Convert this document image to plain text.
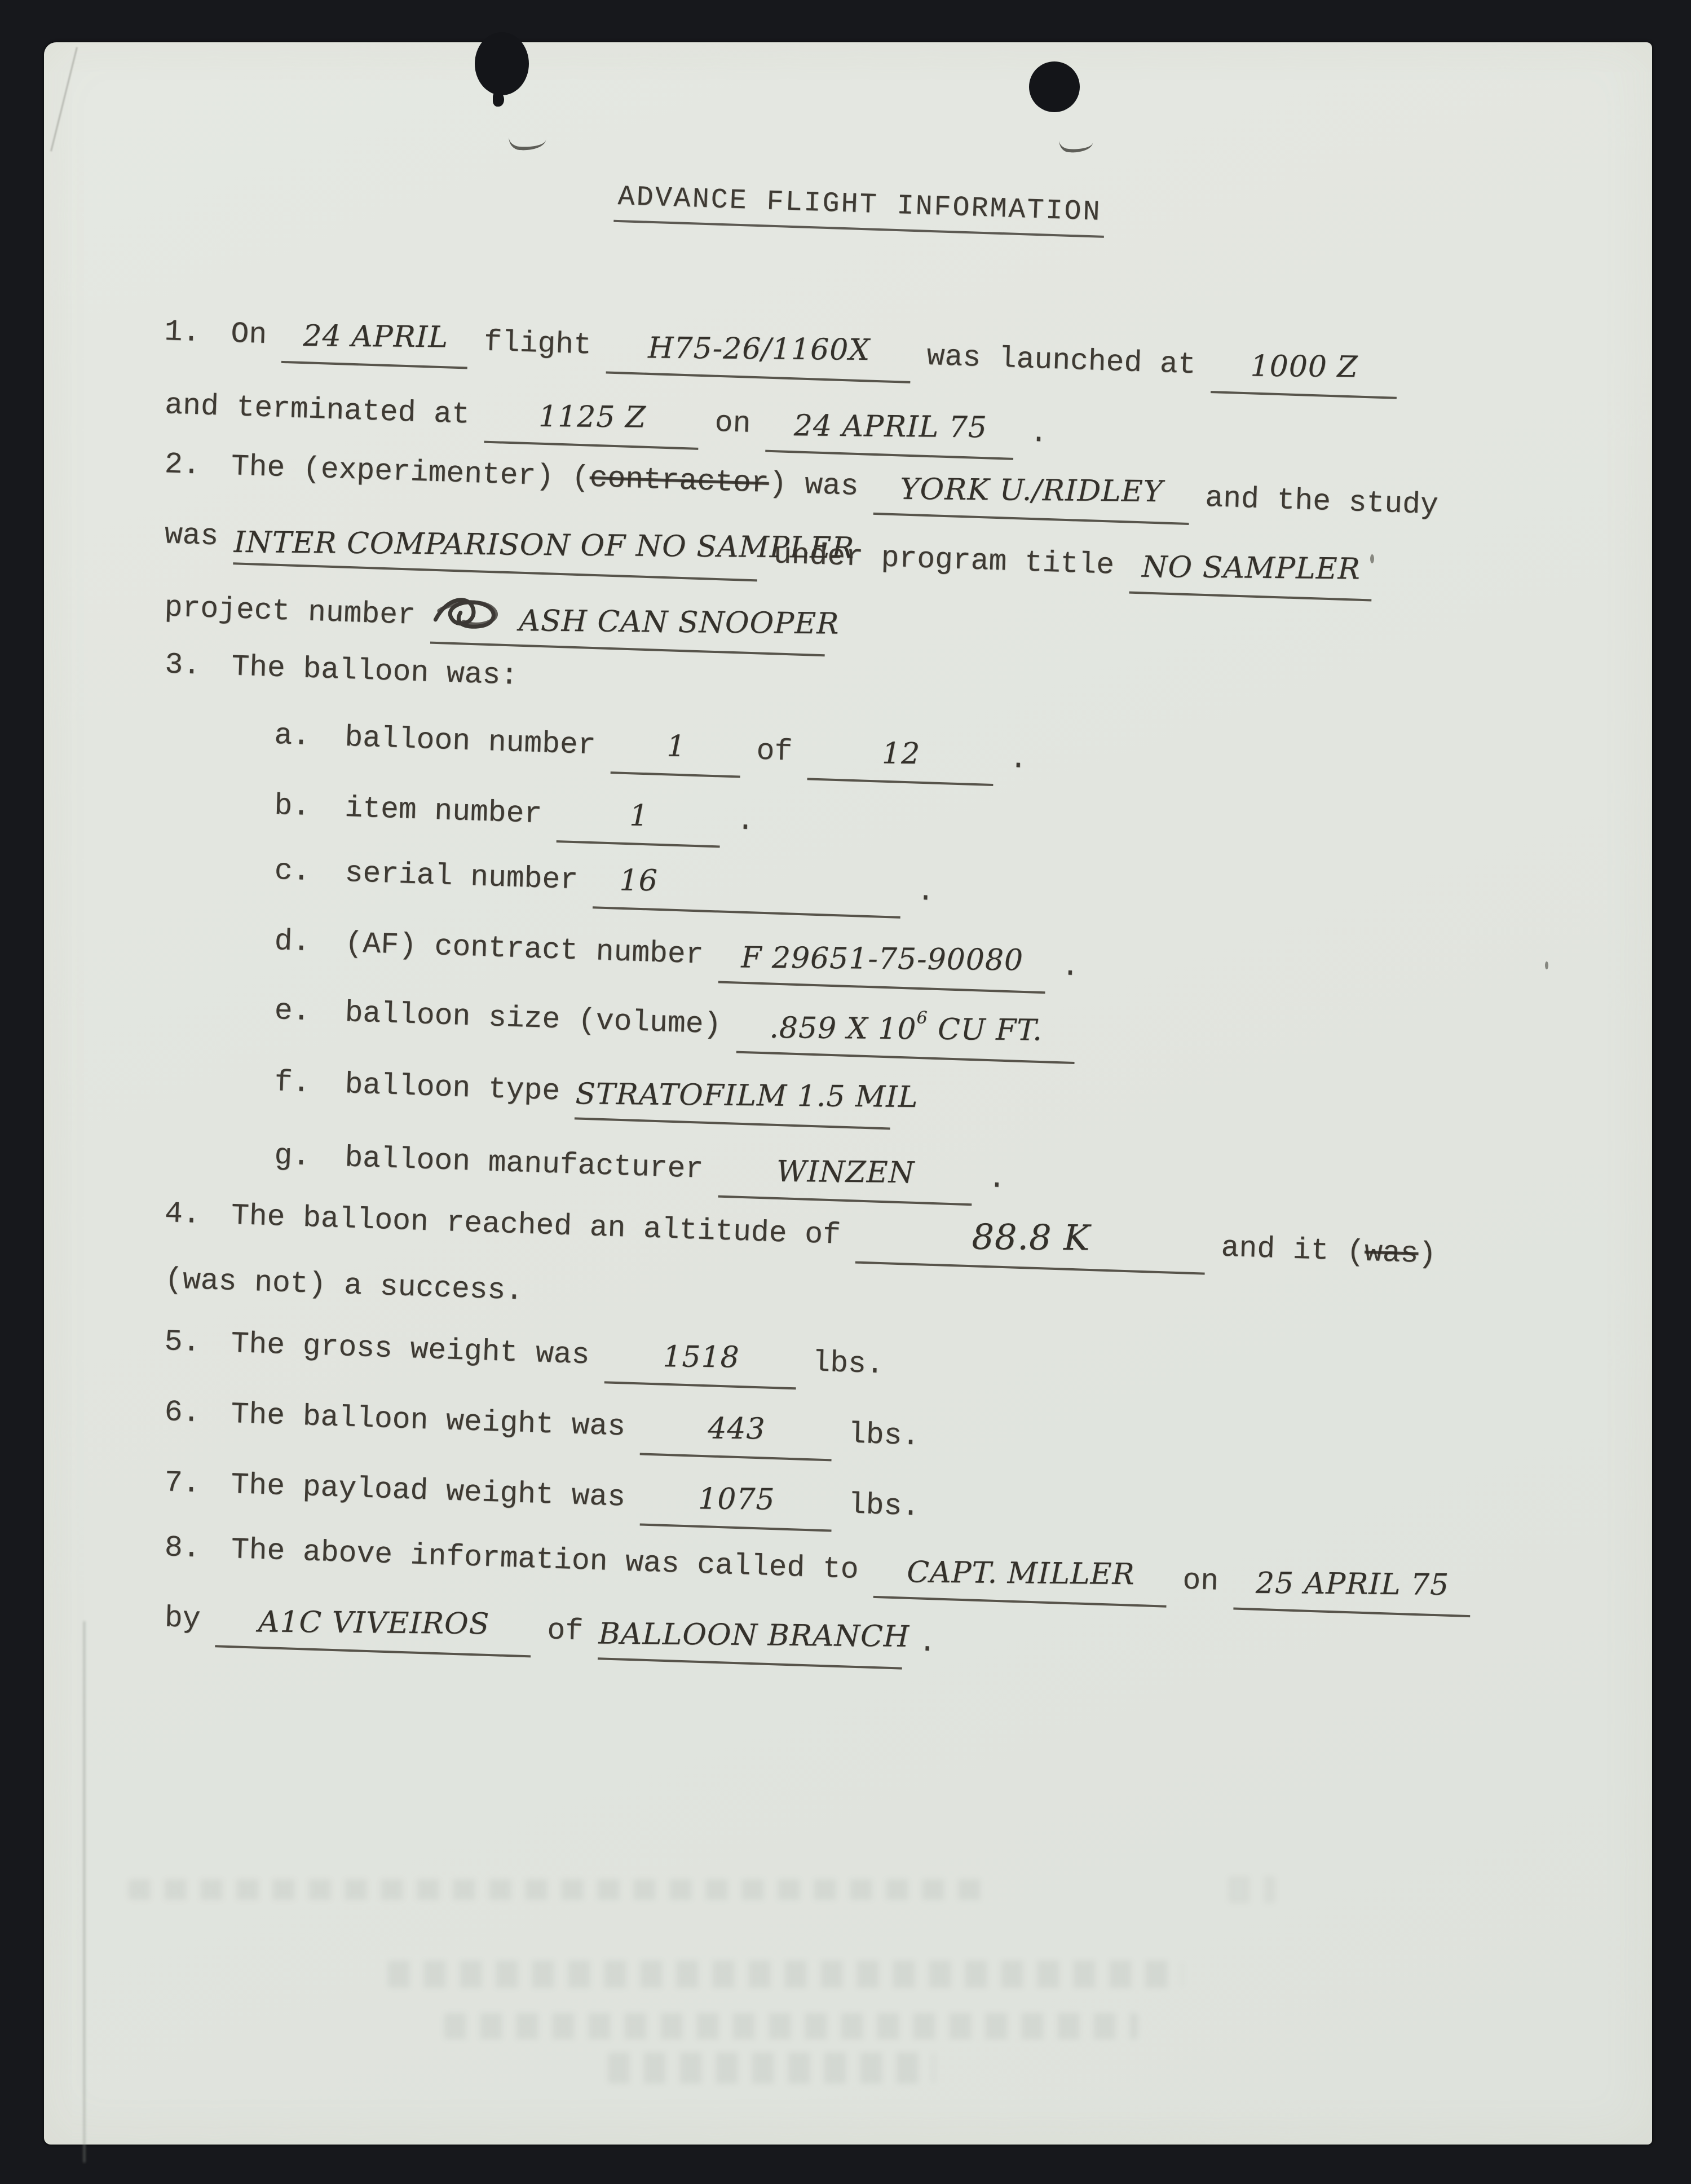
ADVANCE FLIGHT INFORMATION
1. On 24 APRIL flight H75-26/1160X was launched at 1000 Z
and terminated at 1125 Z on 24 APRIL 75 .
2. The (experimenter) (contractor) was YORK U./RIDLEY and the study
was INTER COMPARISON OF NO SAMPLER under program title NO SAMPLER
project number	ASH CAN SNOOPER
3. The balloon was:
a. balloon number 1 of	12	.
b. item number	1	.
c. serial number 16	.
d. (AF) contract number F 29651-75-90080 .
e. balloon size (volume) .859 X $10^6$ CU FT.
f. balloon type STRATOFILM 1.5 MIL
g. balloon manufacturer WINZEN .
4. The balloon reached an altitude of	88.8 K	and it (was)
(was not) a success.
5. The gross weight was 1518 lbs.
6. The balloon weight was	443	lbs.
7. The payload weight was 1075 lbs.
8. The above information was called to CAPT. MILLER on 25 APRIL 75
by A1C VIVEIROS of BALLOON BRANCH .
